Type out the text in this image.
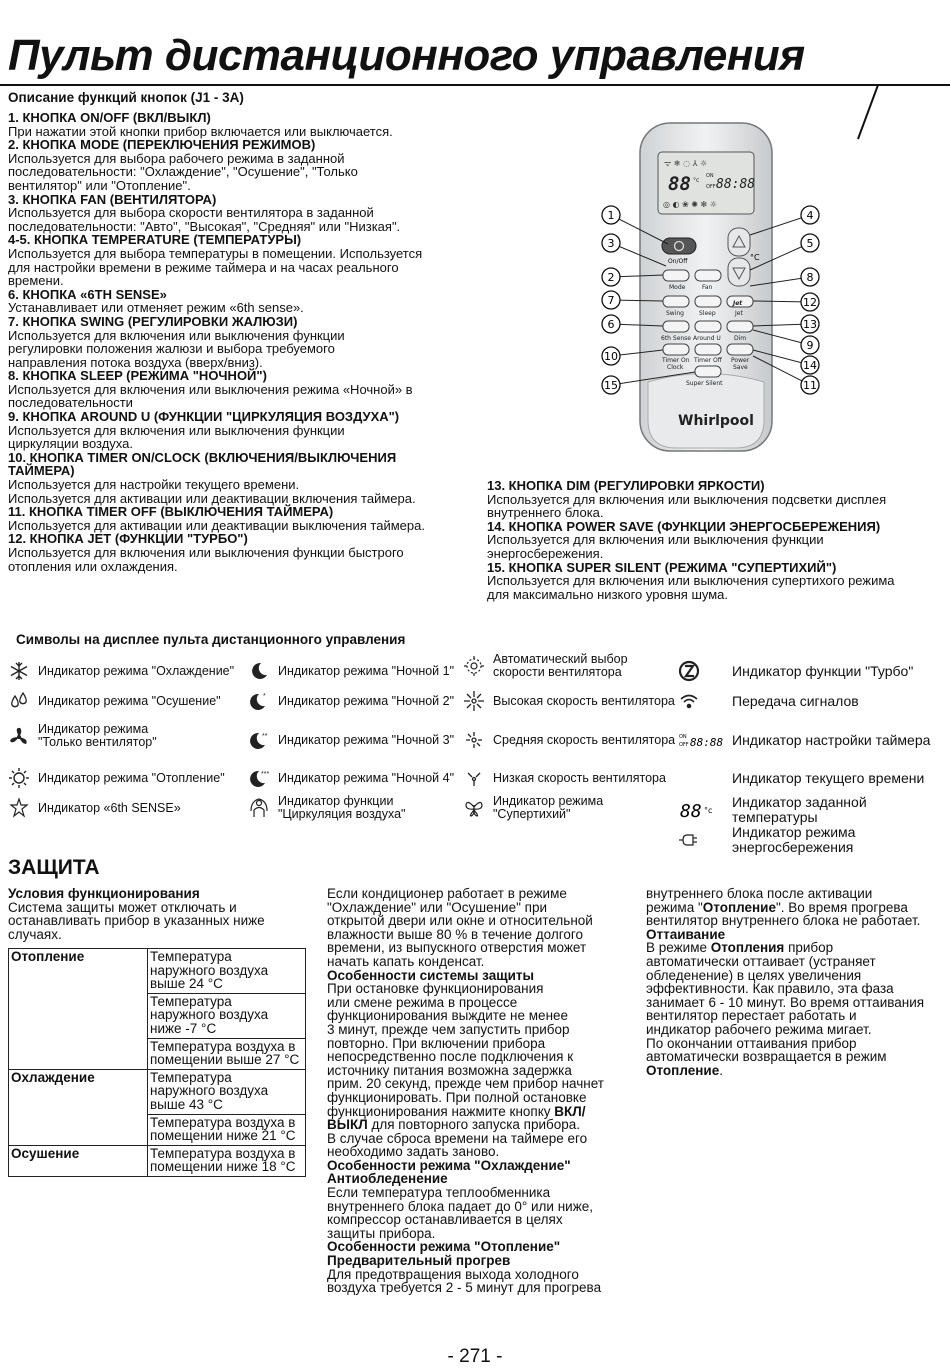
Пульт дистанционного управления
Описание функций кнопок (J1 - 3A)

1. КНОПКА ON/OFF (ВКЛ/ВЫКЛ)

При нажатии этой кнопки прибор включается или выключается.

2. КНОПКА MODE (ПЕРЕКЛЮЧЕНИЯ РЕЖИМОВ)

Используется для выбора рабочего режима в заданной

последовательности: "Охлаждение", "Осушение", "Только

вентилятор" или "Отопление".

3. КНОПКА FAN (ВЕНТИЛЯТОРА)

Используется для выбора скорости вентилятора в заданной

последовательности: "Авто", "Высокая", "Средняя" или "Низкая".

4-5. КНОПКА TEMPERATURE (ТЕМПЕРАТУРЫ)

Используется для выбора температуры в помещении. Используется

для настройки времени в режиме таймера и на часах реального

времени.

6. КНОПКА «6TH SENSE»

Устанавливает или отменяет режим «6th sense».

7. КНОПКА SWING (РЕГУЛИРОВКИ ЖАЛЮЗИ)

Используется для включения или выключения функции

регулировки положения жалюзи и выбора требуемого

направления потока воздуха (вверх/вниз).

8. КНОПКА SLEEP (РЕЖИМА "НОЧНОЙ")

Используется для включения или выключения режима «Ночной» в

последовательности

9. КНОПКА AROUND U (ФУНКЦИИ "ЦИРКУЛЯЦИЯ ВОЗДУХА")

Используется для включения или выключения функции

циркуляции воздуха.

10. КНОПКА TIMER ON/CLOCK (ВКЛЮЧЕНИЯ/ВЫКЛЮЧЕНИЯ

ТАЙМЕРА)

Используется для настройки текущего времени.

Используется для активации или деактивации включения таймера.

11. КНОПКА TIMER OFF (ВЫКЛЮЧЕНИЯ ТАЙМЕРА)

Используется для активации или деактивации выключения таймера.

12. КНОПКА JET (ФУНКЦИИ "ТУРБО")

Используется для включения или выключения функции быстрого

отопления или охлаждения.

13. КНОПКА DIM (РЕГУЛИРОВКИ ЯРКОСТИ)

Используется для включения или выключения подсветки дисплея

внутреннего блока.

14. КНОПКА POWER SAVE (ФУНКЦИИ ЭНЕРГОСБЕРЕЖЕНИЯ)

Используется для включения или выключения функции

энергосбережения.

15. КНОПКА SUPER SILENT (РЕЖИМА "СУПЕРТИХИЙ")

Используется для включения или выключения супертихого режима

для максимально низкого уровня шума.

ᯤ ❄ ◌ ⅄ ☼
88 °c
ON
OFF 88:88
◎ ◐ ❀ ✺ ✻ ☼
On/Off	°C
Mode	Fan
Swing	Sleep
Jet
Jet
6th Sense Around U Dim
Timer On
Clock
Timer Off Power
Save
Super Silent
Whirlpool
1
2
3
4
5
6
7
8
9
10
11
12
13
14
15
Символы на дисплее пульта дистанционного управления
Индикатор режима "Охлаждение"
Индикатор режима "Осушение"
Индикатор режима
"Только вентилятор"
Индикатор режима "Отопление"
Индикатор «6th SENSE»
Индикатор режима "Ночной 1"
* Индикатор режима "Ночной 2"
** Индикатор режима "Ночной 3"
*** Индикатор режима "Ночной 4"
Индикатор функции
"Циркуляция воздуха"
Автоматический выбор
скорости вентилятора
Высокая скорость вентилятора
Средняя скорость вентилятора
Низкая скорость вентилятора
Индикатор режима
"Супертихий"
Индикатор функции "Турбо"
Передача сигналов
ON
OFF 88:88 Индикатор настройки таймера
Индикатор текущего времени
88 °c Индикатор заданной
температуры
Индикатор режима
энергосбережения
ЗАЩИТА

Условия функционирования

Система защиты может отключать и

останавливать прибор в указанных ниже

случаях.

Отопление	Температура
наружного воздуха
выше 24 °C
	Температура
наружного воздуха
ниже -7 °C
	Температура воздуха в
помещении выше 27 °C
Охлаждение	Температура
наружного воздуха
выше 43 °C
	Температура воздуха в
помещении ниже 21 °C
Осушение	Температура воздуха в
помещении ниже 18 °C

Если кондиционер работает в режиме

"Охлаждение" или "Осушение" при

открытой двери или окне и относительной

влажности выше 80 % в течение долгого

времени, из выпускного отверстия может

начать капать конденсат.

Особенности системы защиты

При остановке функционирования

или смене режима в процессе

функционирования выждите не менее

3 минут, прежде чем запустить прибор

повторно. При включении прибора

непосредственно после подключения к

источнику питания возможна задержка

прим. 20 секунд, прежде чем прибор начнет

функционировать. При полной остановке

функционирования нажмите кнопку ВКЛ/

ВЫКЛ для повторного запуска прибора.

В случае сброса времени на таймере его

необходимо задать заново.

Особенности режима "Охлаждение"

Антиобледенение

Если температура теплообменника

внутреннего блока падает до 0° или ниже,

компрессор останавливается в целях

защиты прибора.

Особенности режима "Отопление"

Предварительный прогрев

Для предотвращения выхода холодного

воздуха требуется 2 - 5 минут для прогрева

внутреннего блока после активации

режима "Отопление". Во время прогрева

вентилятор внутреннего блока не работает.

Оттаивание

В режиме Отопления прибор

автоматически оттаивает (устраняет

обледенение) в целях увеличения

эффективности. Как правило, эта фаза

занимает 6 - 10 минут. Во время оттаивания

вентилятор перестает работать и

индикатор рабочего режима мигает.

По окончании оттаивания прибор

автоматически возвращается в режим

Отопление.

- 271 -
